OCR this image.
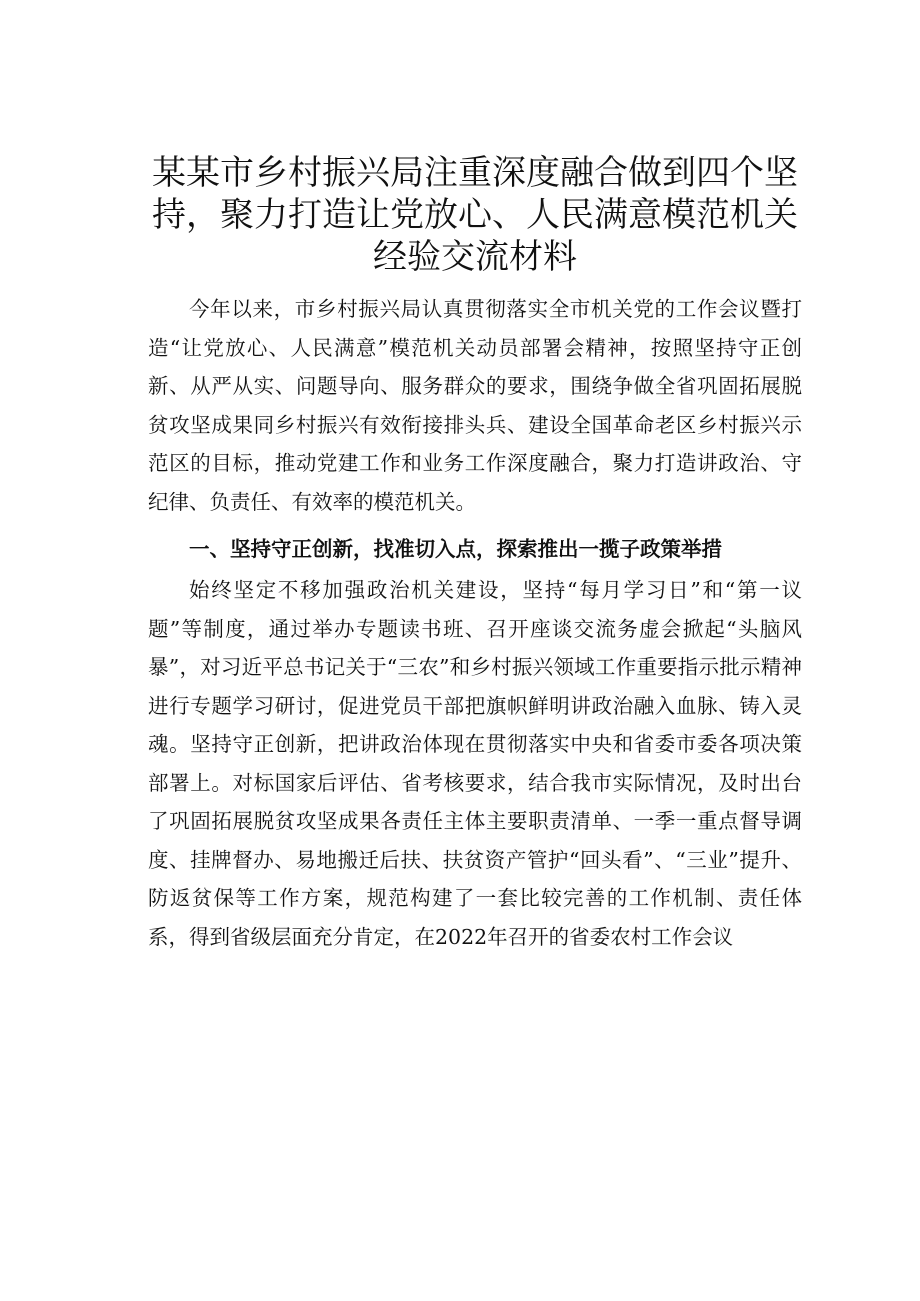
某某市乡村振兴局注重深度融合做到四个坚持，聚力打造让党放心、人民满意模范机关经验交流材料

今年以来，市乡村振兴局认真贯彻落实全市机关党的工作会议暨打造“让党放心、人民满意”模范机关动员部署会精神，按照坚持守正创新、从严从实、问题导向、服务群众的要求，围绕争做全省巩固拓展脱贫攻坚成果同乡村振兴有效衔接排头兵、建设全国革命老区乡村振兴示范区的目标，推动党建工作和业务工作深度融合，聚力打造讲政治、守纪律、负责任、有效率的模范机关。

一、坚持守正创新，找准切入点，探索推出一揽子政策举措

始终坚定不移加强政治机关建设，坚持“每月学习日”和“第一议题”等制度，通过举办专题读书班、召开座谈交流务虚会掀起“头脑风暴”，对习近平总书记关于“三农”和乡村振兴领域工作重要指示批示精神进行专题学习研讨，促进党员干部把旗帜鲜明讲政治融入血脉、铸入灵魂。坚持守正创新，把讲政治体现在贯彻落实中央和省委市委各项决策部署上。对标国家后评估、省考核要求，结合我市实际情况，及时出台了巩固拓展脱贫攻坚成果各责任主体主要职责清单、一季一重点督导调度、挂牌督办、易地搬迁后扶、扶贫资产管护“回头看”、“三业”提升、防返贫保等工作方案，规范构建了一套比较完善的工作机制、责任体系，得到省级层面充分肯定，在2022年召开的省委农村工作会议
